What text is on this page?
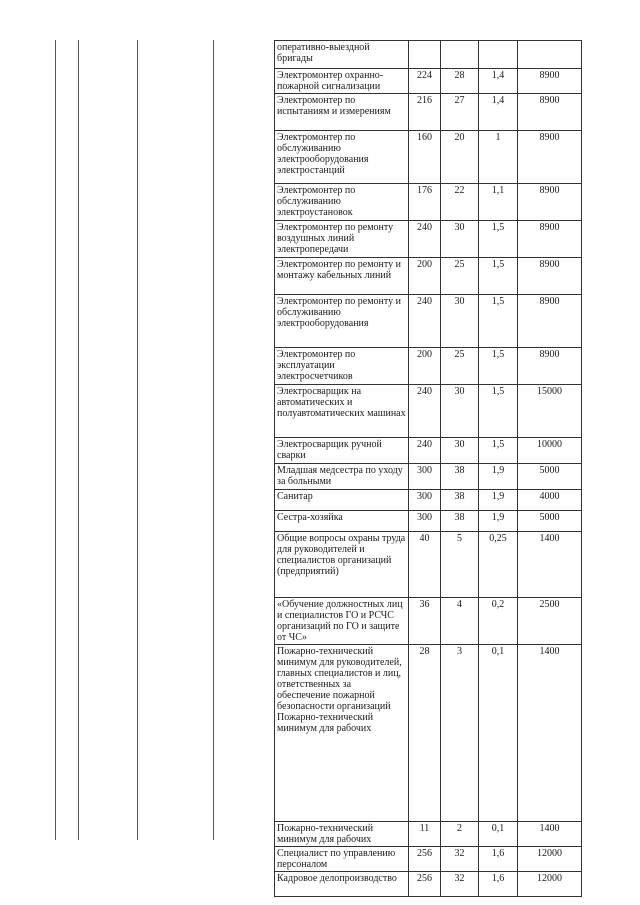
оперативно-выездной бригады				
Электромонтер охранно-пожарной сигнализации	224	28	1,4	8900
Электромонтер по испытаниям и измерениям	216	27	1,4	8900
Электромонтер по обслуживанию электрооборудования электростанций	160	20	1	8900
Электромонтер по обслуживанию электроустановок	176	22	1,1	8900
Электромонтер по ремонту воздушных линий электропередачи	240	30	1,5	8900
Электромонтер по ремонту и монтажу кабельных линий	200	25	1,5	8900
Электромонтер по ремонту и обслуживанию электрооборудования	240	30	1,5	8900
Электромонтер по эксплуатации электросчетчиков	200	25	1,5	8900
Электросварщик на автоматических и полуавтоматических машинах	240	30	1,5	15000
Электросварщик ручной сварки	240	30	1,5	10000
Младшая медсестра по уходу за больными	300	38	1,9	5000
Санитар	300	38	1,9	4000
Сестра-хозяйка	300	38	1,9	5000
Общие вопросы охраны труда для руководителей и специалистов организаций (предприятий)	40	5	0,25	1400
«Обучение должностных лиц и специалистов ГО и РСЧС организаций по ГО и защите от ЧС»	36	4	0,2	2500
Пожарно-технический минимум для руководителей, главных специалистов и лиц, ответственных за обеспечение пожарной безопасности организаций Пожарно-технический минимум для рабочих	28	3	0,1	1400
Пожарно-технический минимум для рабочих	11	2	0,1	1400
Специалист по управлению персоналом	256	32	1,6	12000
Кадровое делопроизводство	256	32	1,6	12000
